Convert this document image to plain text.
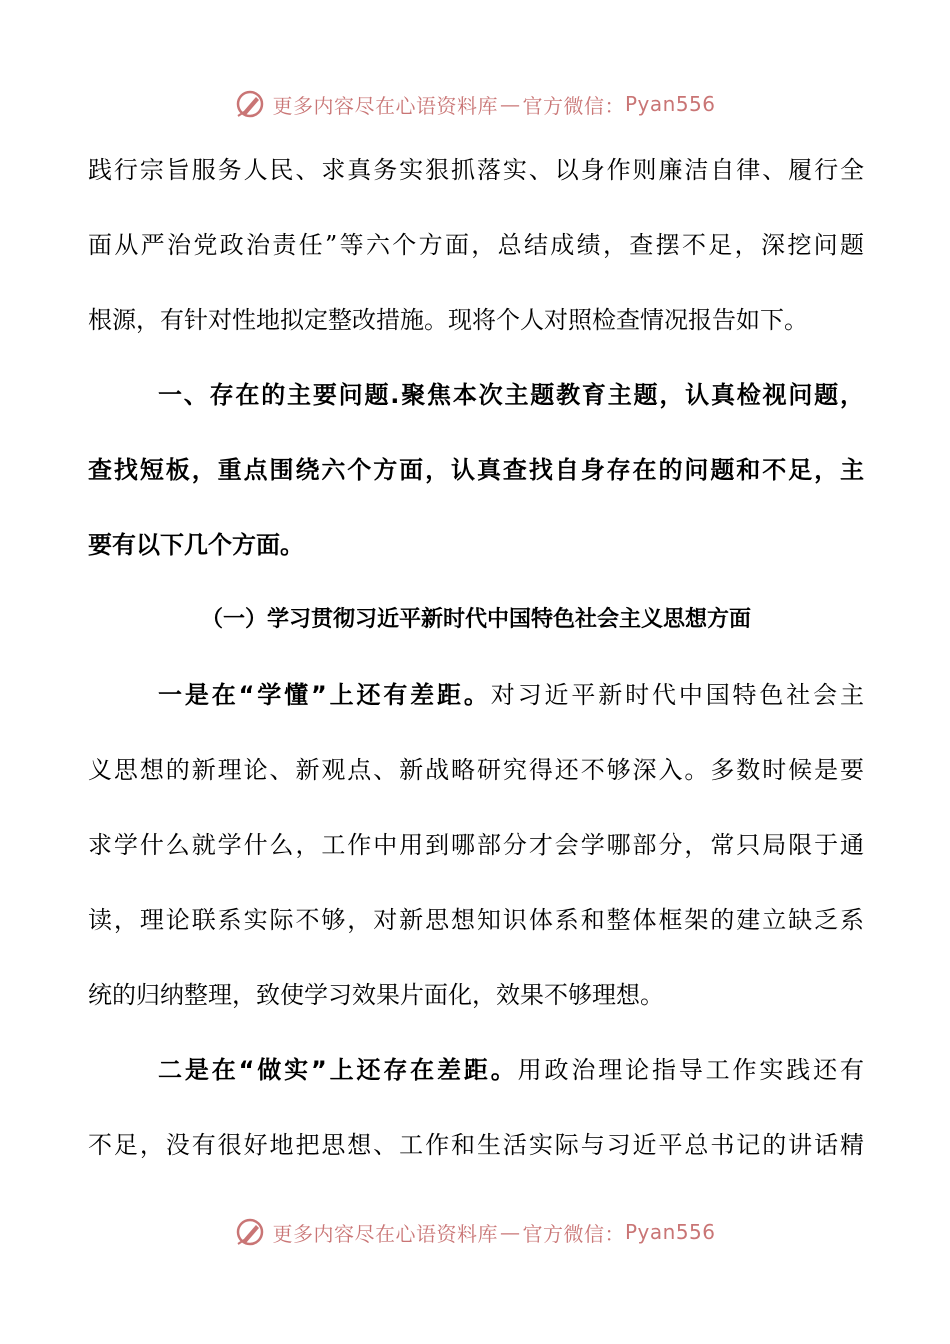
更多内容尽在心语资料库 — 官方微信： Pyan556
践行宗旨服务人民、求真务实狠抓落实、以身作则廉洁自律、履行全
面从严治党政治责任”等六个方面，总结成绩，查摆不足，深挖问题
根源，有针对性地拟定整改措施。现将个人对照检查情况报告如下。
一、存在的主要问题.聚焦本次主题教育主题，认真检视问题，
查找短板，重点围绕六个方面，认真查找自身存在的问题和不足，主
要有以下几个方面。
（一）学习贯彻习近平新时代中国特色社会主义思想方面
一是在“学懂”上还有差距。对习近平新时代中国特色社会主
义思想的新理论、新观点、新战略研究得还不够深入。多数时候是要
求学什么就学什么，工作中用到哪部分才会学哪部分，常只局限于通
读，理论联系实际不够，对新思想知识体系和整体框架的建立缺乏系
统的归纳整理，致使学习效果片面化，效果不够理想。
二是在“做实”上还存在差距。用政治理论指导工作实践还有
不足，没有很好地把思想、工作和生活实际与习近平总书记的讲话精
更多内容尽在心语资料库 — 官方微信： Pyan556
